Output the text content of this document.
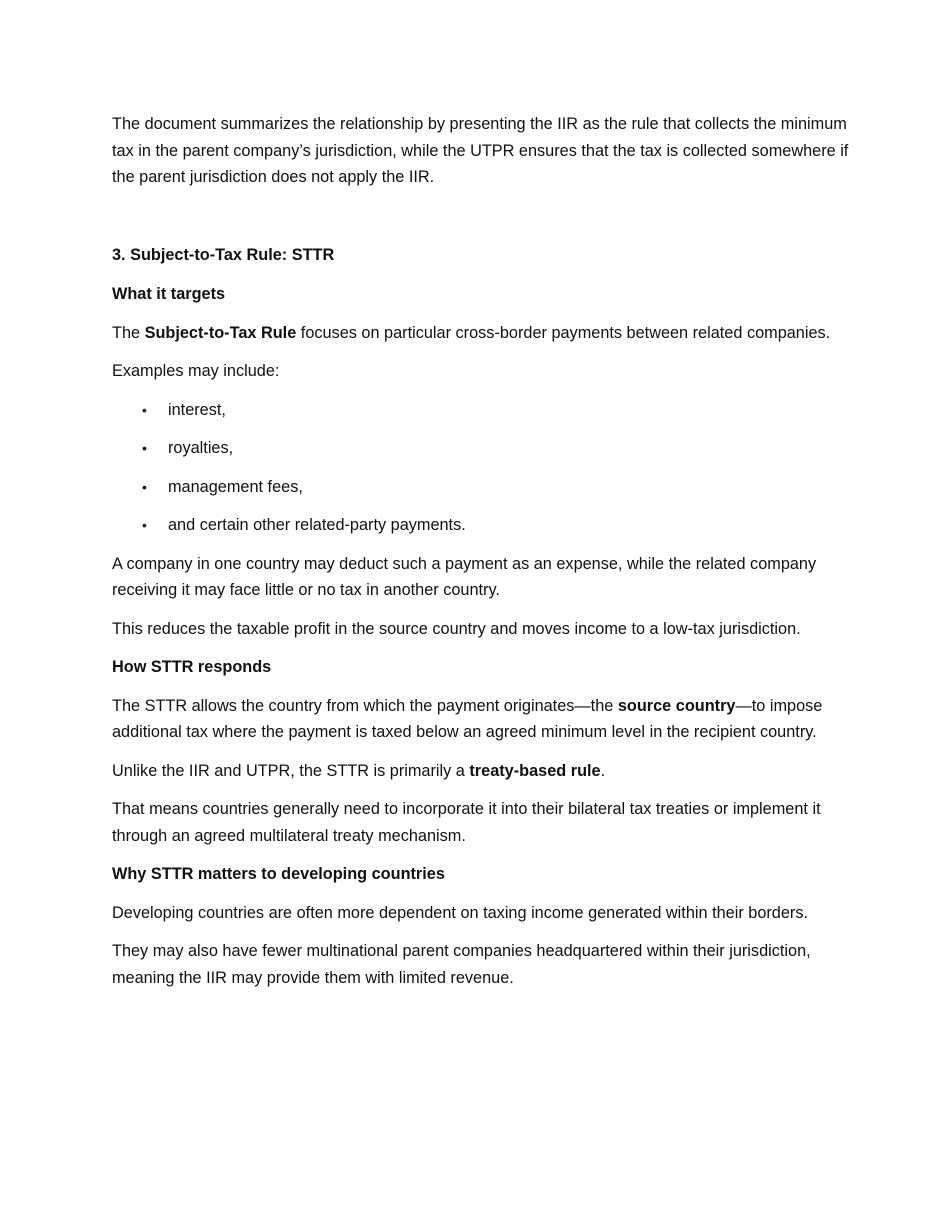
The document summarizes the relationship by presenting the IIR as the rule that collects the minimum tax in the parent company’s jurisdiction, while the UTPR ensures that the tax is collected somewhere if the parent jurisdiction does not apply the IIR.

3. Subject-to-Tax Rule: STTR

What it targets

The Subject-to-Tax Rule focuses on particular cross-border payments between related companies.

Examples may include:

• interest,
• royalties,
• management fees,
• and certain other related-party payments.

A company in one country may deduct such a payment as an expense, while the related company receiving it may face little or no tax in another country.

This reduces the taxable profit in the source country and moves income to a low-tax jurisdiction.

How STTR responds

The STTR allows the country from which the payment originates—the source country—to impose additional tax where the payment is taxed below an agreed minimum level in the recipient country.

Unlike the IIR and UTPR, the STTR is primarily a treaty-based rule.

That means countries generally need to incorporate it into their bilateral tax treaties or implement it through an agreed multilateral treaty mechanism.

Why STTR matters to developing countries

Developing countries are often more dependent on taxing income generated within their borders.

They may also have fewer multinational parent companies headquartered within their jurisdiction, meaning the IIR may provide them with limited revenue.
